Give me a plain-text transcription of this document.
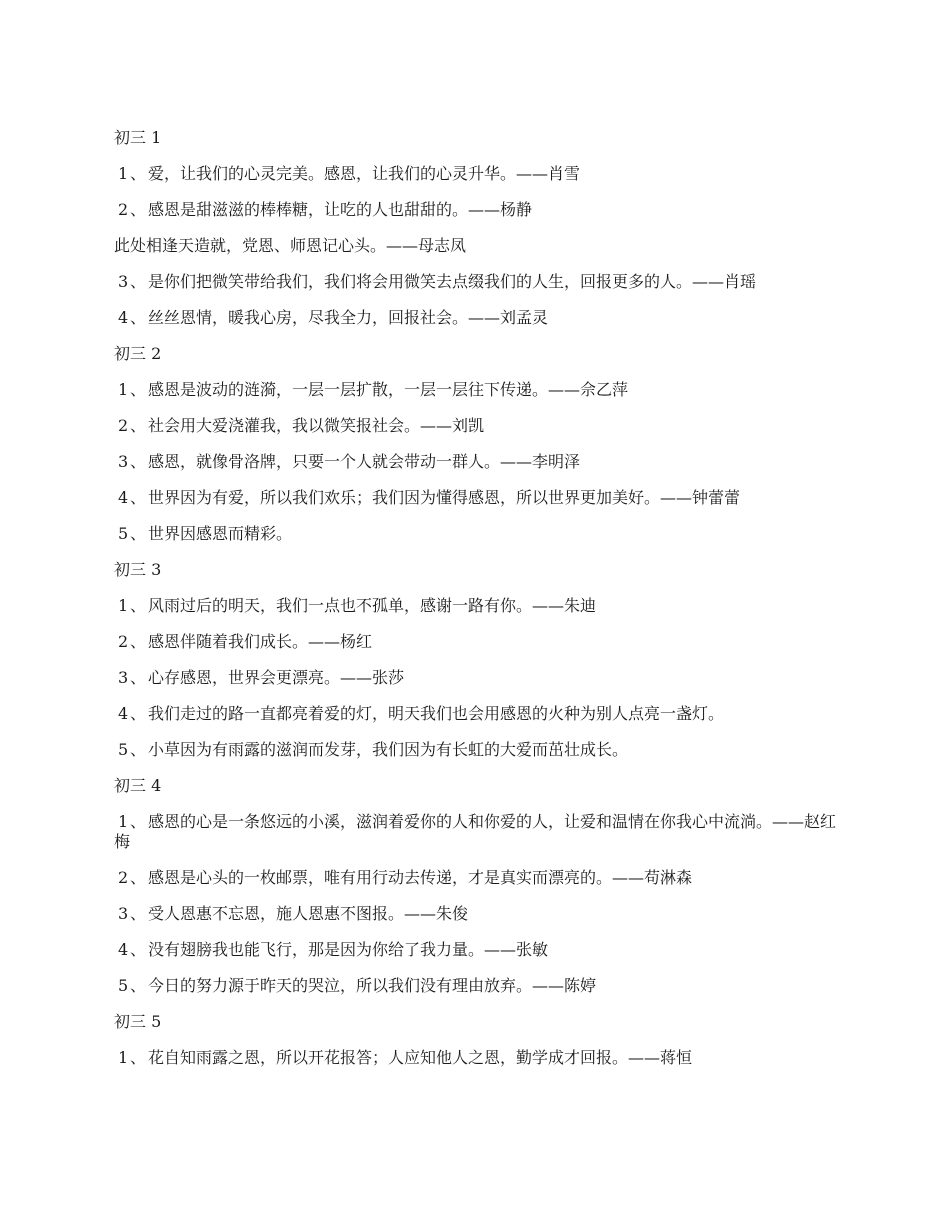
初三 1
1 、 爱，让我们的心灵完美。感恩，让我们的心灵升华。——肖雪
2 、 感恩是甜滋滋的棒棒糖，让吃的人也甜甜的。——杨静
此处相逢天造就，党恩、师恩记心头。——母志凤
3 、 是你们把微笑带给我们，我们将会用微笑去点缀我们的人生，回报更多的人。——肖瑶
4 、 丝丝恩情，暖我心房，尽我全力，回报社会。——刘孟灵
初三 2
1 、 感恩是波动的涟漪，一层一层扩散，一层一层往下传递。——佘乙萍
2 、 社会用大爱浇灌我，我以微笑报社会。——刘凯
3 、 感恩，就像骨洛牌，只要一个人就会带动一群人。——李明泽
4 、 世界因为有爱，所以我们欢乐；我们因为懂得感恩，所以世界更加美好。——钟蕾蕾
5 、 世界因感恩而精彩。
初三 3
1 、 风雨过后的明天，我们一点也不孤单，感谢一路有你。——朱迪
2 、 感恩伴随着我们成长。——杨红
3 、 心存感恩，世界会更漂亮。——张莎
4 、 我们走过的路一直都亮着爱的灯，明天我们也会用感恩的火种为别人点亮一盏灯。
5 、 小草因为有雨露的滋润而发芽，我们因为有长虹的大爱而茁壮成长。
初三 4
1 、 感恩的心是一条悠远的小溪，滋润着爱你的人和你爱的人，让爱和温情在你我心中流淌。——赵红梅
2 、 感恩是心头的一枚邮票，唯有用行动去传递，才是真实而漂亮的。——苟淋森
3 、 受人恩惠不忘恩，施人恩惠不图报。——朱俊
4 、 没有翅膀我也能飞行，那是因为你给了我力量。——张敏
5 、 今日的努力源于昨天的哭泣，所以我们没有理由放弃。——陈婷
初三 5
1 、 花自知雨露之恩，所以开花报答；人应知他人之恩，勤学成才回报。——蒋恒
